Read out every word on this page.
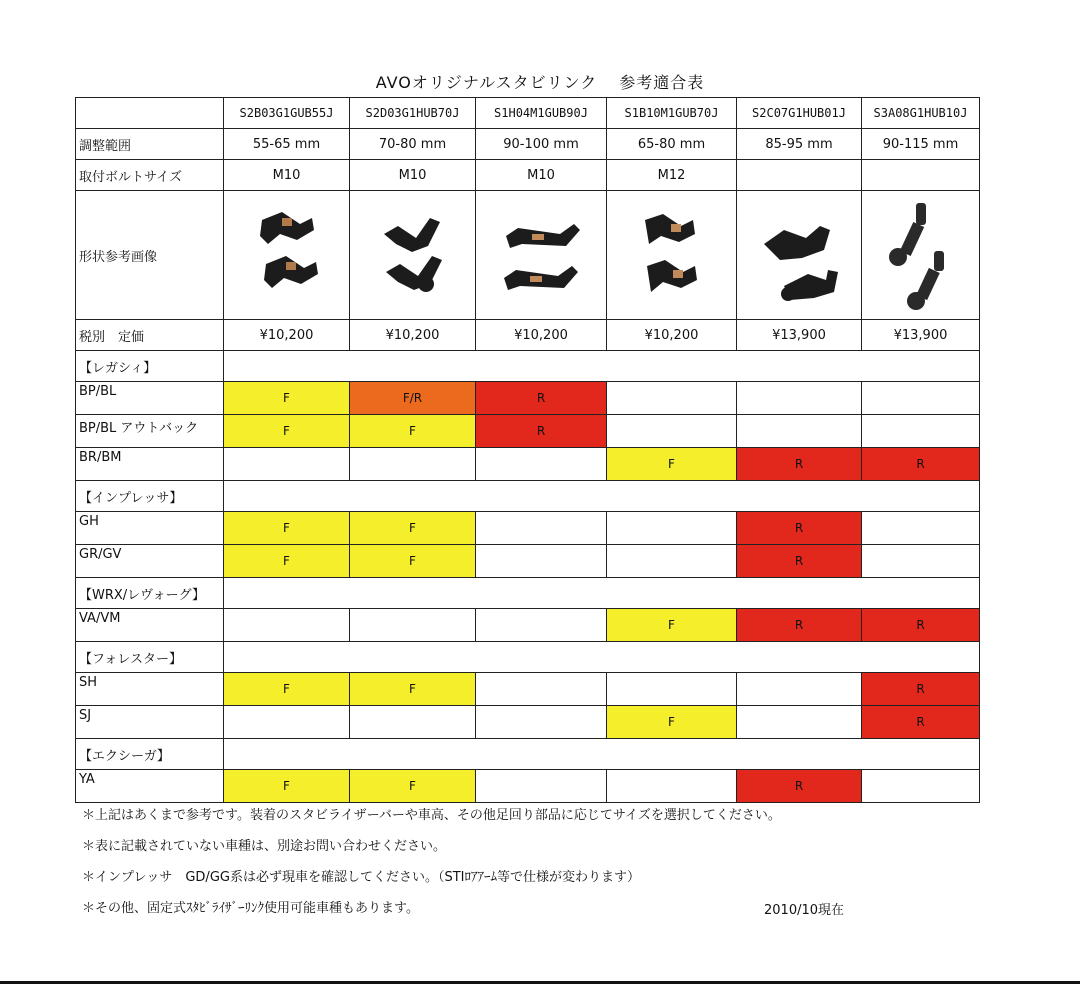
AVOオリジナルスタビリンク 参考適合表
	S2B03G1GUB55J	S2D03G1HUB70J	S1H04M1GUB90J	S1B10M1GUB70J	S2C07G1HUB01J	S3A08G1HUB10J
調整範囲	55-65 mm	70-80 mm	90-100 mm	65-80 mm	85-95 mm	90-115 mm
取付ボルトサイズ	M10	M10	M10	M12		
形状参考画像	

税別　定価	¥10,200	¥10,200	¥10,200	¥10,200	¥13,900	¥13,900
【レガシィ】						
BP/BL	F	F/R	R			
BP/BL アウトバック	F	F	R			
BR/BM				F	R	R
【インプレッサ】						
GH	F	F			R	
GR/GV	F	F			R	
【WRX/レヴォーグ】						
VA/VM				F	R	R
【フォレスター】						
SH	F	F				R
SJ				F		R
【エクシーガ】						
YA	F	F			R	
＊上記はあくまで参考です。装着のスタビライザーバーや車高、その他足回り部品に応じてサイズを選択してください。
＊表に記載されていない車種は、別途お問い合わせください。
＊インプレッサ　GD/GG系は必ず現車を確認してください。（STIﾛｱｱｰﾑ等で仕様が変わります）
＊その他、固定式ｽﾀﾋﾞﾗｲｻﾞｰﾘﾝｸ使用可能車種もあります。	2010/10現在
